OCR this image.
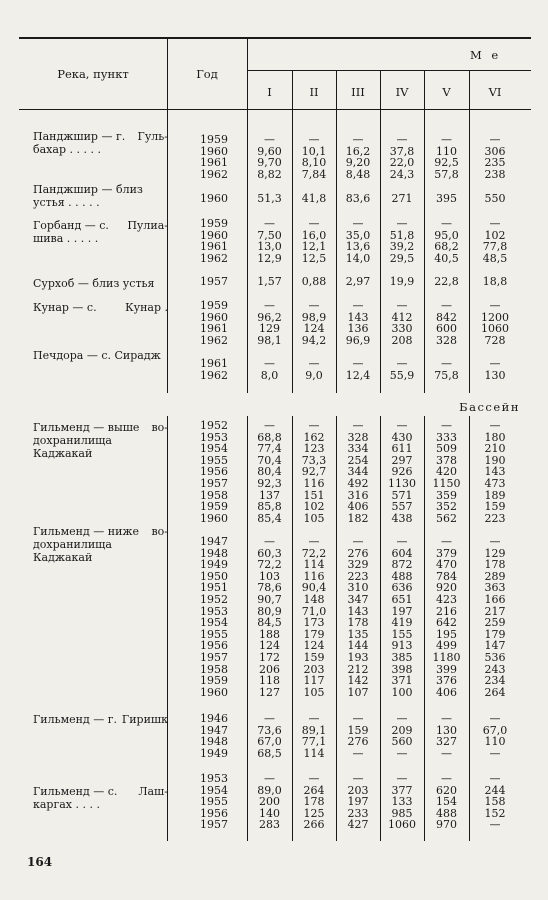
Река, пункт	Год
М е
I	II	III	IV	V	VI
Бассейн
Панджшир — г. Гуль-
бахар . . . . .
1959	—	—	—	—	—	—
1960	9,60	10,1	16,2	37,8	110	306
1961	9,70	8,10	9,20	22,0	92,5	235
1962	8,82	7,84	8,48	24,3	57,8	238
Панджшир — близ
устья . . . . .	1960	51,3	41,8	83,6	271	395	550
Горбанд — с. Пулиа-
шива . . . . .
1959	—	—	—	—	—	—
1960	7,50	16,0	35,0	51,8	95,0	102
1961	13,0	12,1	13,6	39,2	68,2	77,8
1962	12,9	12,5	14,0	29,5	40,5	48,5
Сурхоб — близ устья	1957	1,57	0,88	2,97	19,9	22,8	18,8
Кунар — с.	Кунар .	1959	—	—	—	—	—	—
1960	96,2	98,9	143	412	842	1200
1961	129	124	136	330	600	1060
1962	98,1	94,2	96,9	208	328	728
Печдора — с. Сирадж
1961	—	—	—	—	—	—
1962	8,0	9,0	12,4	55,9	75,8	130
Гильменд — выше во-
дохранилища Каджакай
1952	—	—	—	—	—	—
1953	68,8	162	328	430	333	180
1954	77,4	123	334	611	509	210
1955	70,4	73,3	254	297	378	190
1956	80,4	92,7	344	926	420	143
1957	92,3	116	492	1130	1150	473
1958	137	151	316	571	359	189
1959	85,8	102	406	557	352	159
1960	85,4	105	182	438	562	223
Гильменд — ниже во-
дохранилища Каджакай
1947	—	—	—	—	—	—
1948	60,3	72,2	276	604	379	129
1949	72,2	114	329	872	470	178
1950	103	116	223	488	784	289
1951	78,6	90,4	310	636	920	363
1952	90,7	148	347	651	423	166
1953	80,9	71,0	143	197	216	217
1954	84,5	173	178	419	642	259
1955	188	179	135	155	195	179
1956	124	124	144	913	499	147
1957	172	159	193	385	1180	536
1958	206	203	212	398	399	243
1959	118	117	142	371	376	234
1960	127	105	107	100	406	264
Гильменд — г. Гиришк	1946	—	—	—	—	—	—
1947	73,6	89,1	159	209	130	67,0
1948	67,0	77,1	276	560	327	110
1949	68,5	114	—	—	—	—
Гильменд — с. Лаш-
каргах . . . .
1953	—	—	—	—	—	—
1954	89,0	264	203	377	620	244
1955	200	178	197	133	154	158
1956	140	125	233	985	488	152
1957	283	266	427	1060	970	—
164
